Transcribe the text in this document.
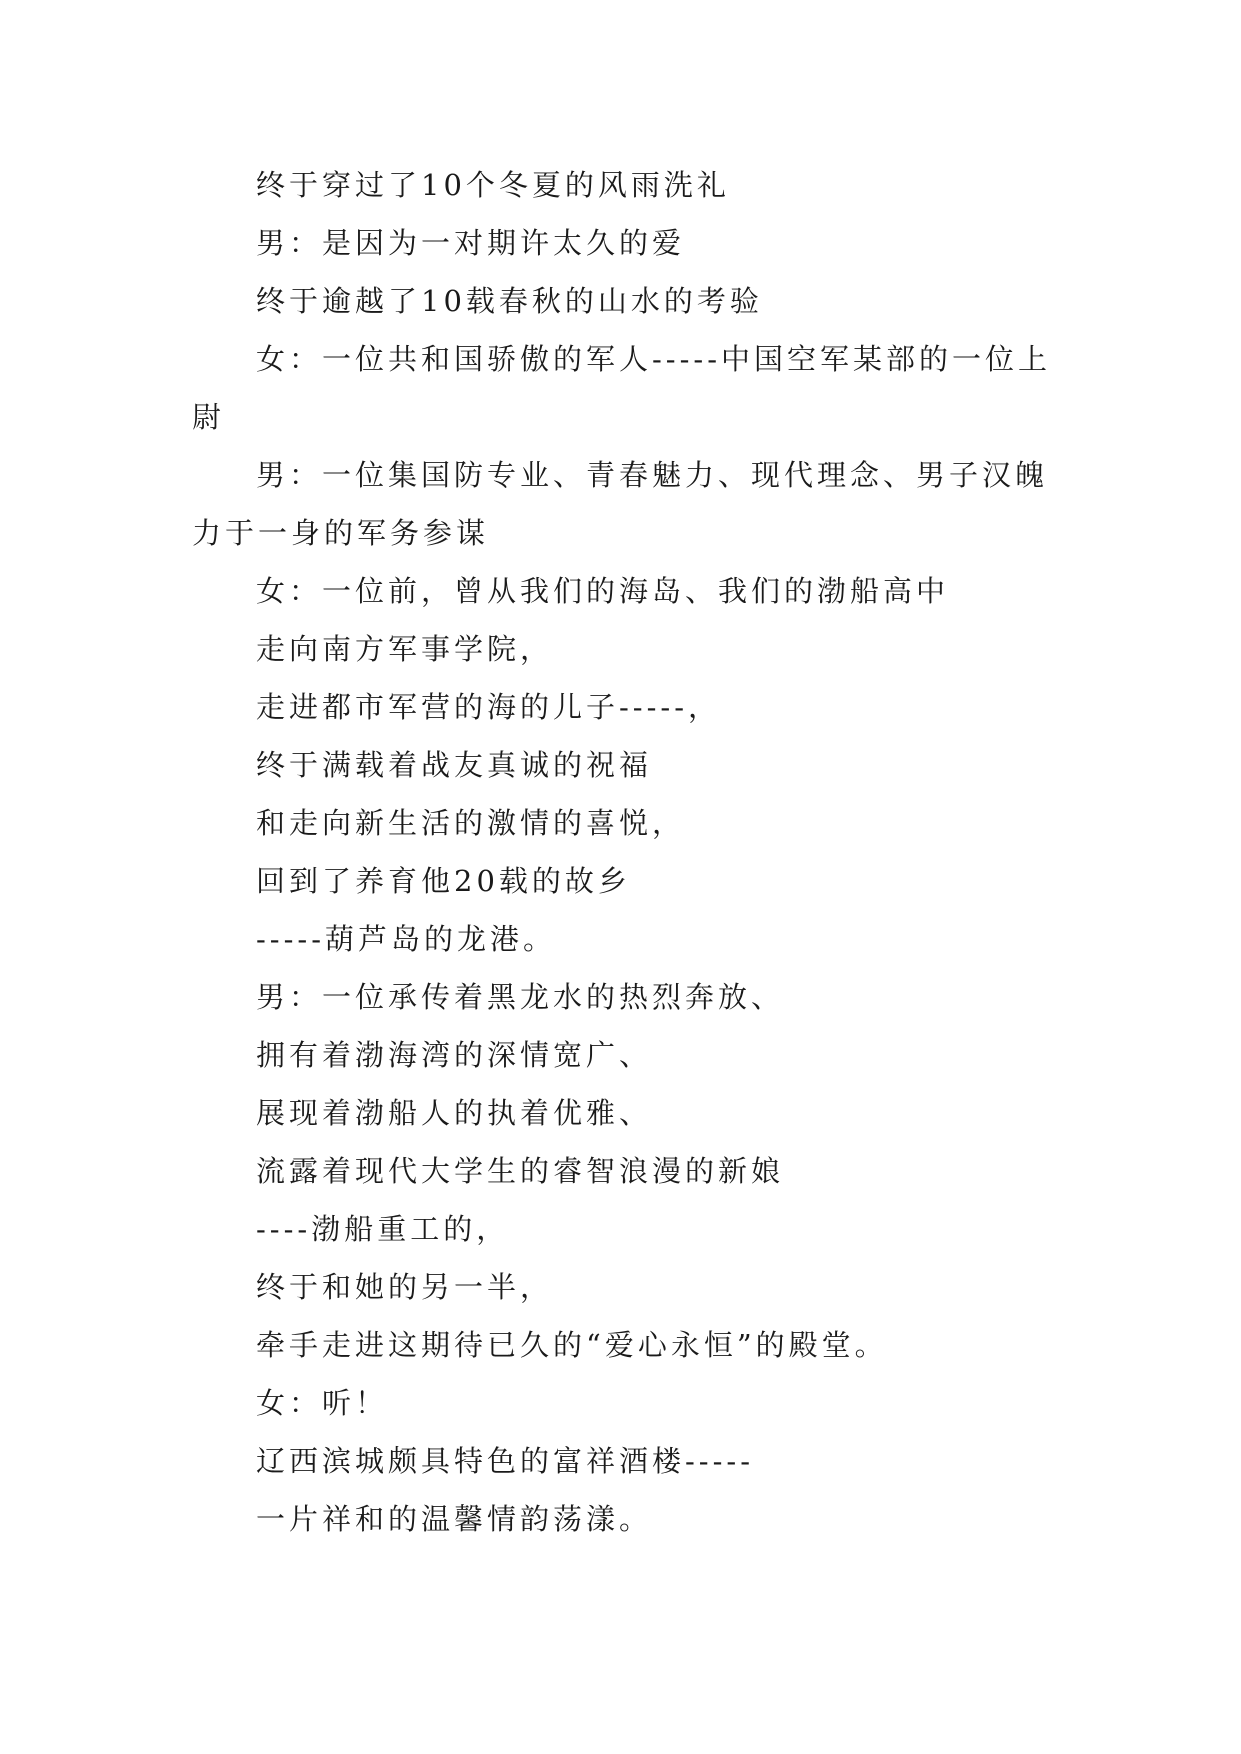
终于穿过了10个冬夏的风雨洗礼

男：是因为一对期许太久的爱

终于逾越了10载春秋的山水的考验

女：一位共和国骄傲的军人-----中国空军某部的一位上尉

男：一位集国防专业、青春魅力、现代理念、男子汉魄力于一身的军务参谋

女：一位前，曾从我们的海岛、我们的渤船高中

走向南方军事学院，

走进都市军营的海的儿子-----，

终于满载着战友真诚的祝福

和走向新生活的激情的喜悦，

回到了养育他20载的故乡

-----葫芦岛的龙港。

男：一位承传着黑龙水的热烈奔放、

拥有着渤海湾的深情宽广、

展现着渤船人的执着优雅、

流露着现代大学生的睿智浪漫的新娘

----渤船重工的，

终于和她的另一半，

牵手走进这期待已久的“爱心永恒”的殿堂。

女：听！

辽西滨城颇具特色的富祥酒楼-----

一片祥和的温馨情韵荡漾。
